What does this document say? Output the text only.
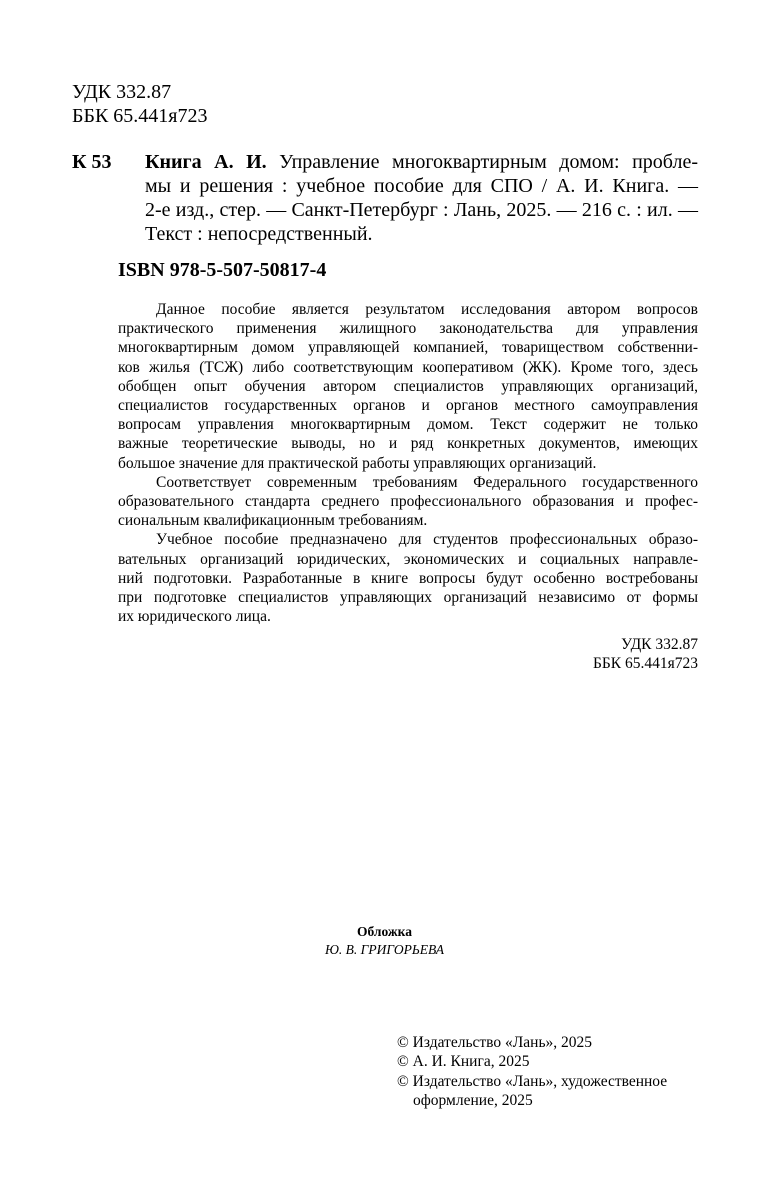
УДК 332.87
ББК 65.441я723
К 53 Книга А. И. Управление многоквартирным домом: пробле-
мы и решения : учебное пособие для СПО / А. И. Книга. —
2-е изд., стер. — Санкт-Петербург : Лань, 2025. — 216 с. : ил. —
Текст : непосредственный.
ISBN 978-5-507-50817-4
Данное пособие является результатом исследования автором вопросов
практического применения жилищного законодательства для управления
многоквартирным домом управляющей компанией, товариществом собственни-
ков жилья (ТСЖ) либо соответствующим кооперативом (ЖК). Кроме того, здесь
обобщен опыт обучения автором специалистов управляющих организаций,
специалистов государственных органов и органов местного самоуправления
вопросам управления многоквартирным домом. Текст содержит не только
важные теоретические выводы, но и ряд конкретных документов, имеющих
большое значение для практической работы управляющих организаций.
Соответствует современным требованиям Федерального государственного
образовательного стандарта среднего профессионального образования и профес-
сиональным квалификационным требованиям.
Учебное пособие предназначено для студентов профессиональных образо-
вательных организаций юридических, экономических и социальных направле-
ний подготовки. Разработанные в книге вопросы будут особенно востребованы
при подготовке специалистов управляющих организаций независимо от формы
их юридического лица.
УДК 332.87
ББК 65.441я723
Обложка
Ю. В. ГРИГОРЬЕВА
© Издательство «Лань», 2025
© А. И. Книга, 2025
© Издательство «Лань», художественное
оформление, 2025
